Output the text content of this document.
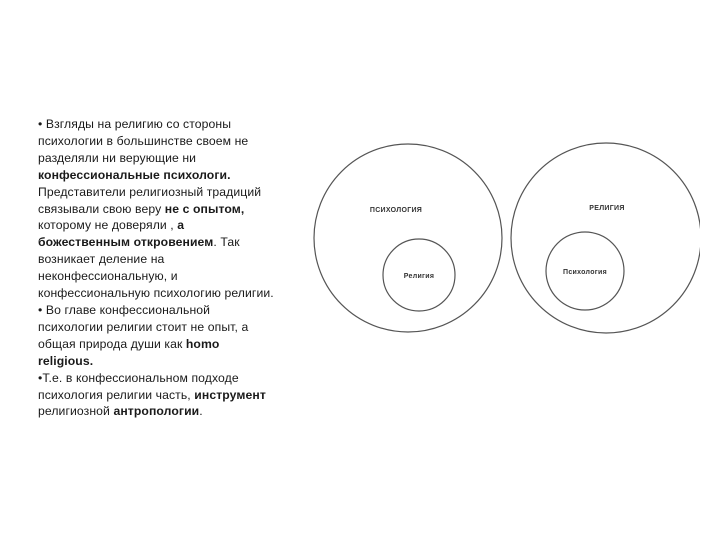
• Взгляды на религию со стороны психологии в большинстве своем не разделяли ни верующие ни конфессиональные психологи. Представители религиозный традиций связывали свою веру не с опытом, которому не доверяли , а божественным откровением. Так возникает деление на неконфессиональную, и конфессиональную психологию религии.

• Во главе конфессиональной психологии религии стоит не опыт, а общая природа души как homo religious.

•Т.е. в конфессиональном подходе психология религии часть, инструмент религиозной антропологии.

ПСИХОЛОГИЯ
Религия
РЕЛИГИЯ
Психология
